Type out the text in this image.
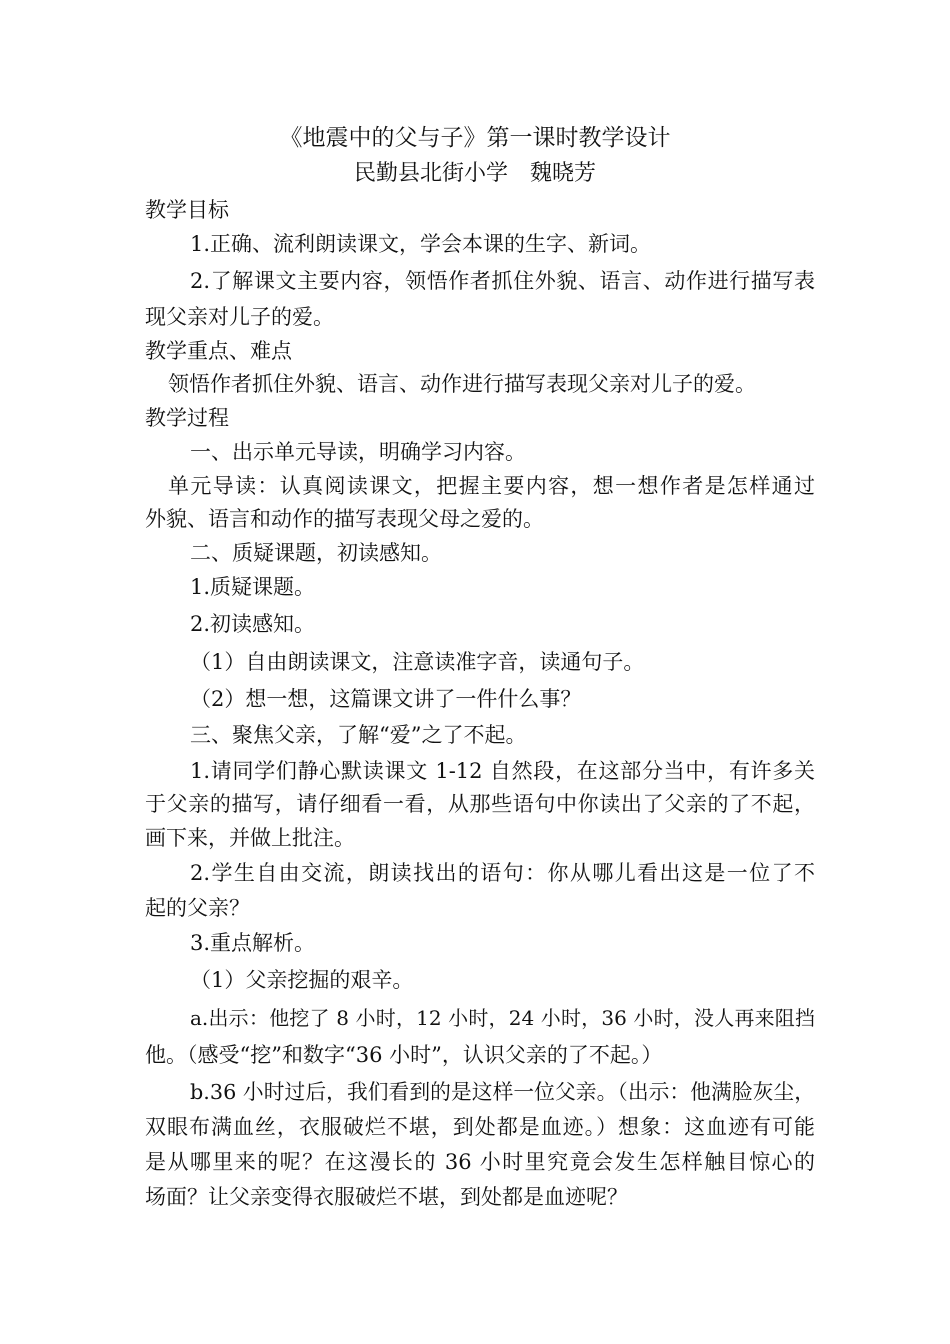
《地震中的父与子》第一课时教学设计
民勤县北街小学　魏晓芳
教学目标
1.正确、流利朗读课文，学会本课的生字、新词。
2.了解课文主要内容，领悟作者抓住外貌、语言、动作进行描写表
现父亲对儿子的爱。
教学重点、难点
领悟作者抓住外貌、语言、动作进行描写表现父亲对儿子的爱。
教学过程
一、出示单元导读，明确学习内容。
单元导读：认真阅读课文，把握主要内容，想一想作者是怎样通过
外貌、语言和动作的描写表现父母之爱的。
二、质疑课题，初读感知。
1.质疑课题。
2.初读感知。
（1）自由朗读课文，注意读准字音，读通句子。
（2）想一想，这篇课文讲了一件什么事？
三、聚焦父亲，了解“爱”之了不起。
1.请同学们静心默读课文 1-12 自然段，在这部分当中，有许多关
于父亲的描写，请仔细看一看，从那些语句中你读出了父亲的了不起，
画下来，并做上批注。
2.学生自由交流，朗读找出的语句：你从哪儿看出这是一位了不
起的父亲？
3.重点解析。
（1）父亲挖掘的艰辛。
a.出示：他挖了 8 小时，12 小时，24 小时，36 小时，没人再来阻挡
他。（感受“挖”和数字“36 小时”，认识父亲的了不起。）
b.36 小时过后，我们看到的是这样一位父亲。（出示：他满脸灰尘，
双眼布满血丝，衣服破烂不堪，到处都是血迹。）想象：这血迹有可能
是从哪里来的呢？在这漫长的 36 小时里究竟会发生怎样触目惊心的
场面？让父亲变得衣服破烂不堪，到处都是血迹呢？
